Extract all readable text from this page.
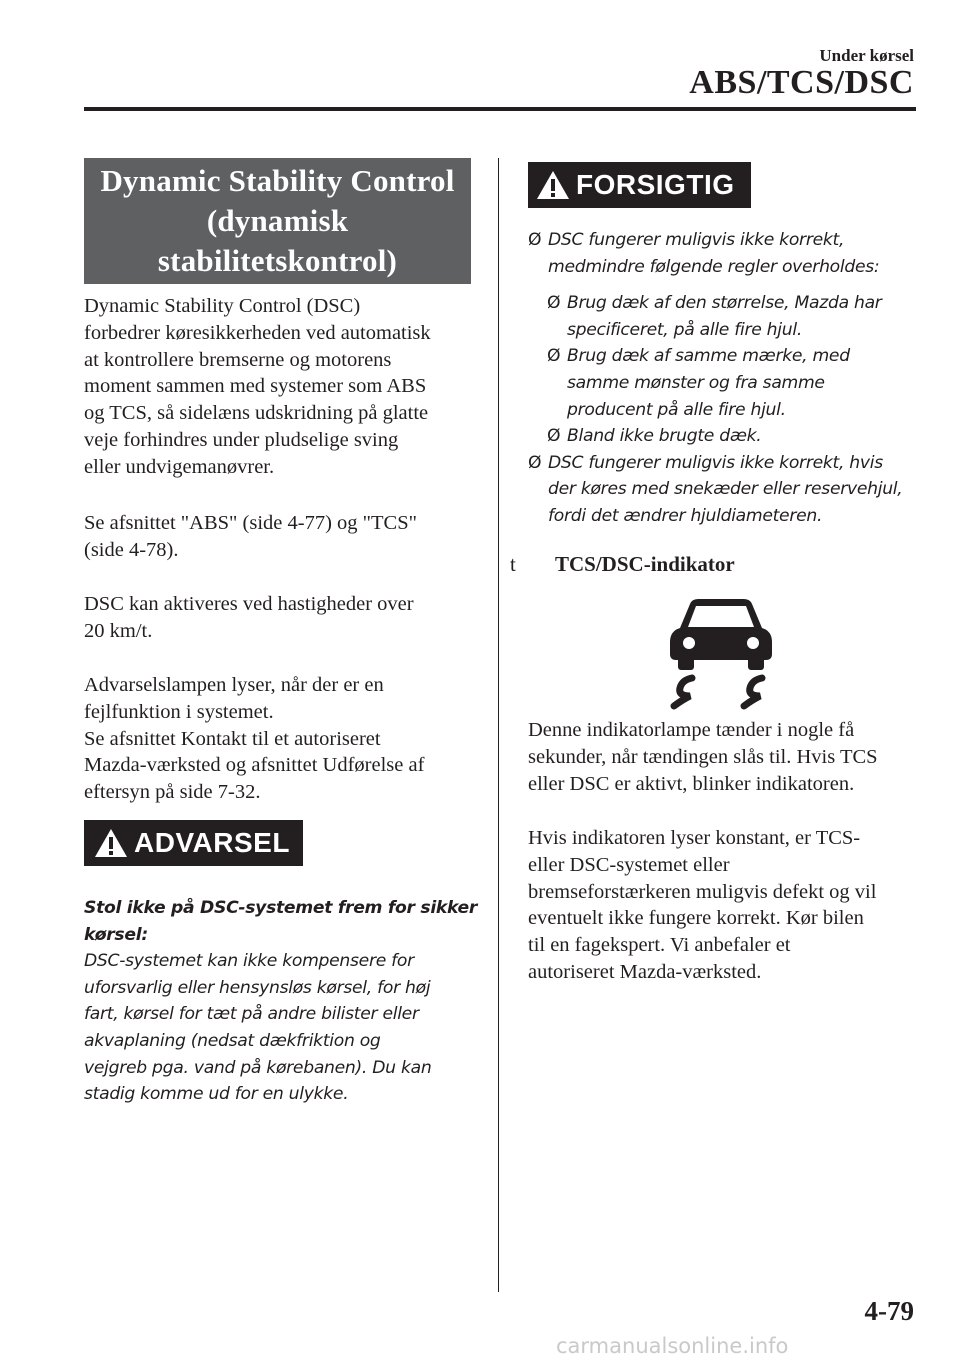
Under kørsel
ABS/TCS/DSC
Dynamic Stability Control
(dynamisk
stabilitetskontrol)
Dynamic Stability Control (DSC)
forbedrer køresikkerheden ved automatisk
at kontrollere bremserne og motorens
moment sammen med systemer som ABS
og TCS, så sidelæns udskridning på glatte
veje forhindres under pludselige sving
eller undvigemanøvrer.
Se afsnittet "ABS" (side 4-77) og "TCS"
(side 4-78).
DSC kan aktiveres ved hastigheder over
20 km/t.
Advarselslampen lyser, når der er en
fejlfunktion i systemet.
Se afsnittet Kontakt til et autoriseret
Mazda-værksted og afsnittet Udførelse af
eftersyn på side 7-32.
ADVARSEL
Stol ikke på DSC-systemet frem for sikker
kørsel:
DSC-systemet kan ikke kompensere for
uforsvarlig eller hensynsløs kørsel, for høj
fart, kørsel for tæt på andre bilister eller
akvaplaning (nedsat dækfriktion og
vejgreb pga. vand på kørebanen). Du kan
stadig komme ud for en ulykke.
FORSIGTIG
Ø DSC fungerer muligvis ikke korrekt,
medmindre følgende regler overholdes:
Ø Brug dæk af den størrelse, Mazda har
specificeret, på alle fire hjul.
Ø Brug dæk af samme mærke, med
samme mønster og fra samme
producent på alle fire hjul.
Ø Bland ikke brugte dæk.
Ø DSC fungerer muligvis ikke korrekt, hvis
der køres med snekæder eller reservehjul,
fordi det ændrer hjuldiameteren.
t TCS/DSC-indikator
Denne indikatorlampe tænder i nogle få
sekunder, når tændingen slås til. Hvis TCS
eller DSC er aktivt, blinker indikatoren.
Hvis indikatoren lyser konstant, er TCS-
eller DSC-systemet eller
bremseforstærkeren muligvis defekt og vil
eventuelt ikke fungere korrekt. Kør bilen
til en fagekspert. Vi anbefaler et
autoriseret Mazda-værksted.
4-79
carmanualsonline.info
